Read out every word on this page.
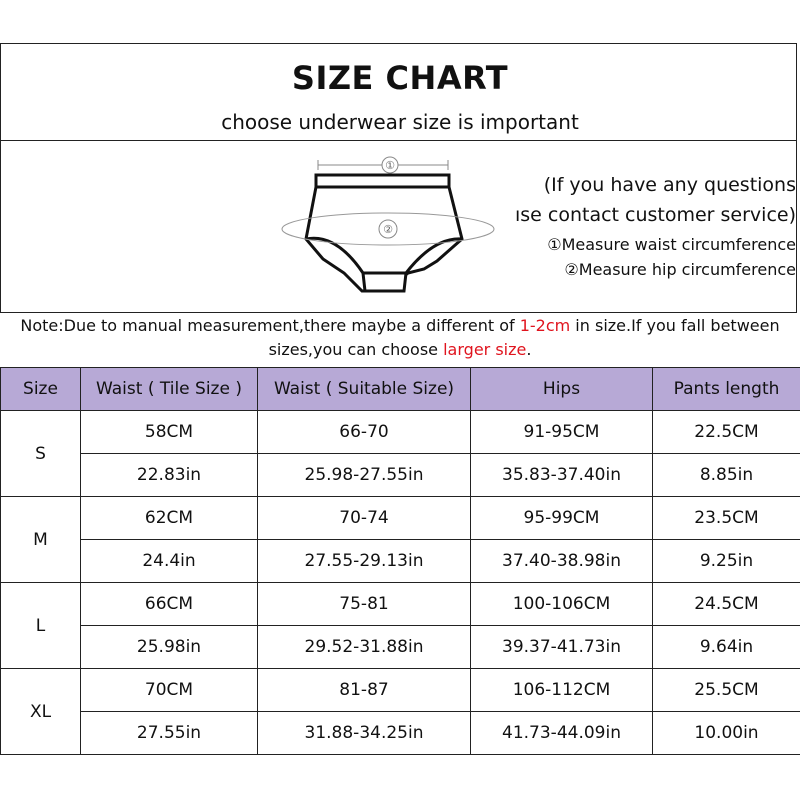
SIZE CHART
choose underwear size is important
①
②
(If you have any questions
ıse contact customer service)
①Measure waist circumference
②Measure hip circumference
Note:Due to manual measurement,there maybe a different of 1-2cm in size.If you fall between sizes,you can choose larger size.
Size	Waist ( Tile Size )	Waist ( Suitable Size)	Hips	Pants length
S	58CM	66-70	91-95CM	22.5CM
	22.83in	25.98-27.55in	35.83-37.40in	8.85in
M	62CM	70-74	95-99CM	23.5CM
	24.4in	27.55-29.13in	37.40-38.98in	9.25in
L	66CM	75-81	100-106CM	24.5CM
	25.98in	29.52-31.88in	39.37-41.73in	9.64in
XL	70CM	81-87	106-112CM	25.5CM
	27.55in	31.88-34.25in	41.73-44.09in	10.00in
